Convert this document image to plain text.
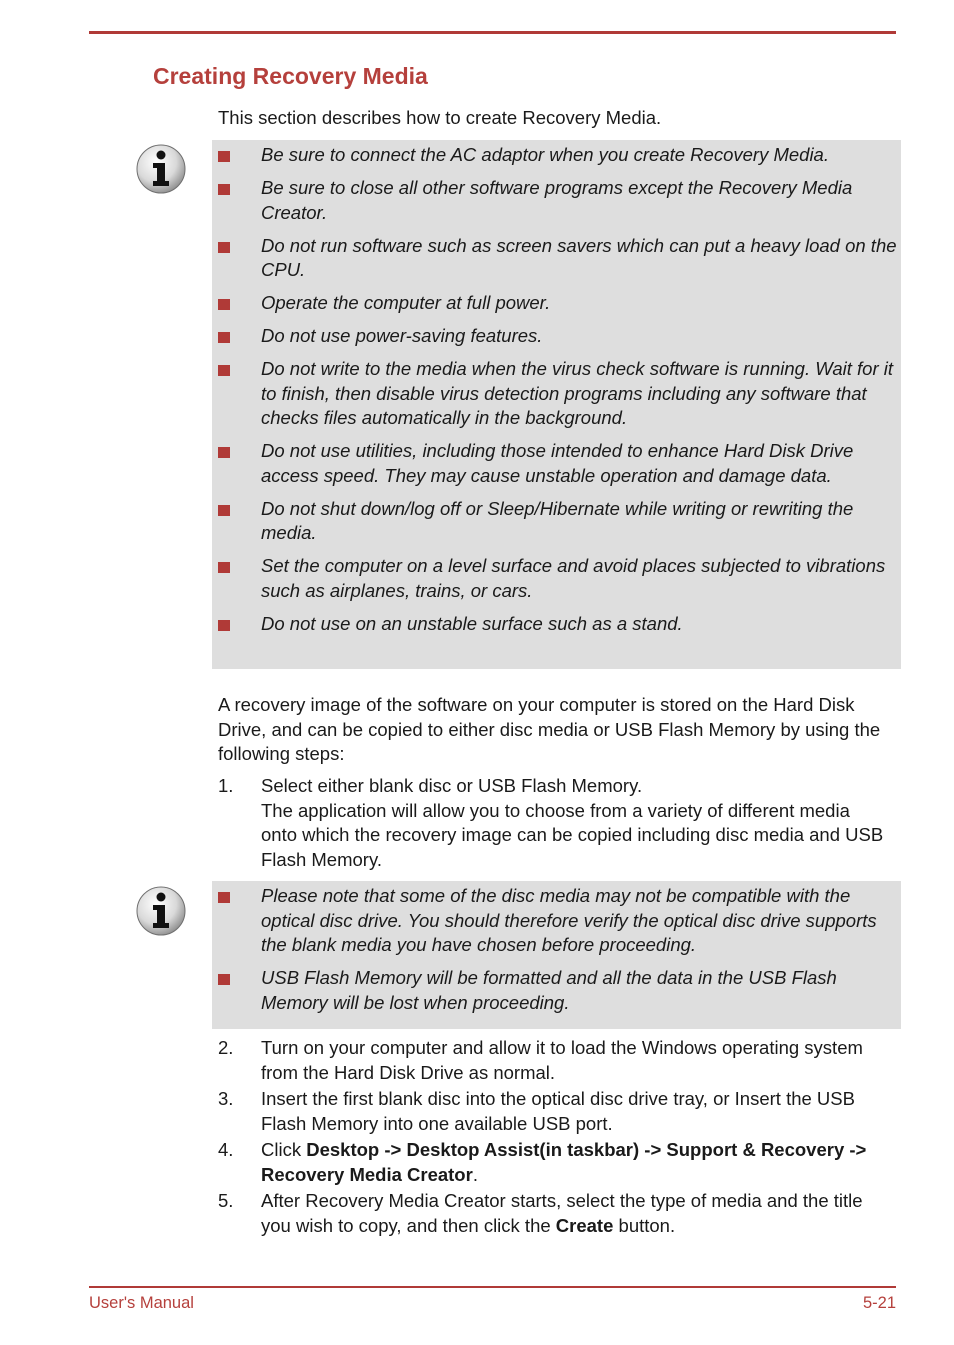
Creating Recovery Media

This section describes how to create Recovery Media.

Be sure to connect the AC adaptor when you create Recovery Media.
Be sure to close all other software programs except the Recovery Media Creator.
Do not run software such as screen savers which can put a heavy load on the CPU.
Operate the computer at full power.
Do not use power-saving features.
Do not write to the media when the virus check software is running. Wait for it to finish, then disable virus detection programs including any software that checks files automatically in the background.
Do not use utilities, including those intended to enhance Hard Disk Drive access speed. They may cause unstable operation and damage data.
Do not shut down/log off or Sleep/Hibernate while writing or rewriting the media.
Set the computer on a level surface and avoid places subjected to vibrations such as airplanes, trains, or cars.
Do not use on an unstable surface such as a stand.

A recovery image of the software on your computer is stored on the Hard Disk Drive, and can be copied to either disc media or USB Flash Memory by using the following steps:

1. Select either blank disc or USB Flash Memory.
The application will allow you to choose from a variety of different media onto which the recovery image can be copied including disc media and USB Flash Memory.
Please note that some of the disc media may not be compatible with the optical disc drive. You should therefore verify the optical disc drive supports the blank media you have chosen before proceeding.
USB Flash Memory will be formatted and all the data in the USB Flash Memory will be lost when proceeding.
2. Turn on your computer and allow it to load the Windows operating system from the Hard Disk Drive as normal.
3. Insert the first blank disc into the optical disc drive tray, or Insert the USB Flash Memory into one available USB port.
4. Click Desktop -> Desktop Assist(in taskbar) -> Support & Recovery -> Recovery Media Creator.
5. After Recovery Media Creator starts, select the type of media and the title you wish to copy, and then click the Create button.
User's Manual	5-21
